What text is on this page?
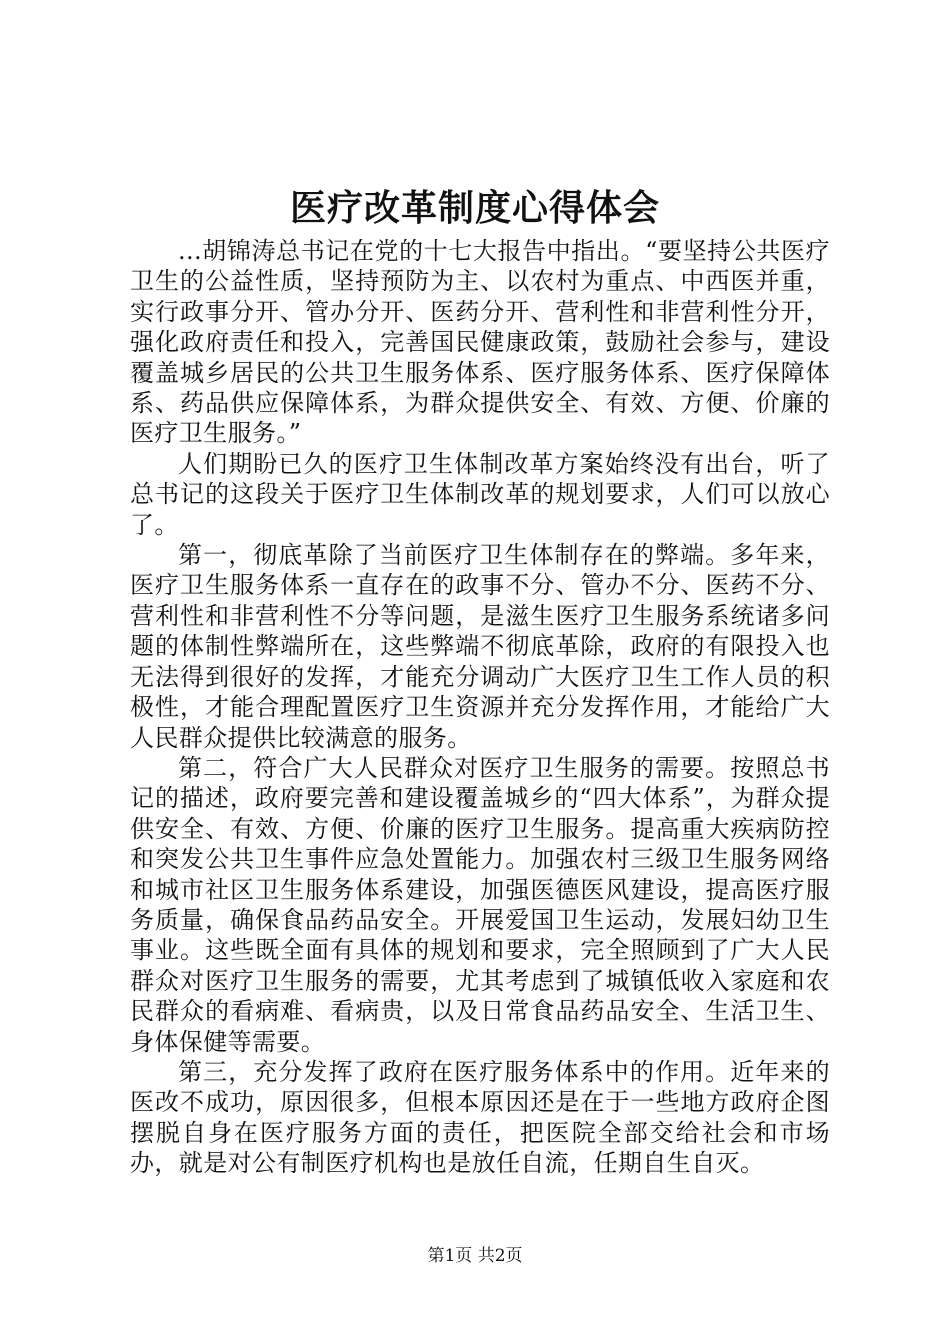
医疗改革制度心得体会

...胡锦涛总书记在党的十七大报告中指出。“要坚持公共医疗卫生的公益性质，坚持预防为主、以农村为重点、中西医并重，实行政事分开、管办分开、医药分开、营利性和非营利性分开，强化政府责任和投入，完善国民健康政策，鼓励社会参与，建设覆盖城乡居民的公共卫生服务体系、医疗服务体系、医疗保障体系、药品供应保障体系，为群众提供安全、有效、方便、价廉的医疗卫生服务。”

人们期盼已久的医疗卫生体制改革方案始终没有出台，听了总书记的这段关于医疗卫生体制改革的规划要求，人们可以放心了。

第一，彻底革除了当前医疗卫生体制存在的弊端。多年来，医疗卫生服务体系一直存在的政事不分、管办不分、医药不分、营利性和非营利性不分等问题，是滋生医疗卫生服务系统诸多问题的体制性弊端所在，这些弊端不彻底革除，政府的有限投入也无法得到很好的发挥，才能充分调动广大医疗卫生工作人员的积极性，才能合理配置医疗卫生资源并充分发挥作用，才能给广大人民群众提供比较满意的服务。

第二，符合广大人民群众对医疗卫生服务的需要。按照总书记的描述，政府要完善和建设覆盖城乡的“四大体系”，为群众提供安全、有效、方便、价廉的医疗卫生服务。提高重大疾病防控和突发公共卫生事件应急处置能力。加强农村三级卫生服务网络和城市社区卫生服务体系建设，加强医德医风建设，提高医疗服务质量，确保食品药品安全。开展爱国卫生运动，发展妇幼卫生事业。这些既全面有具体的规划和要求，完全照顾到了广大人民群众对医疗卫生服务的需要，尤其考虑到了城镇低收入家庭和农民群众的看病难、看病贵，以及日常食品药品安全、生活卫生、身体保健等需要。

第三，充分发挥了政府在医疗服务体系中的作用。近年来的医改不成功，原因很多，但根本原因还是在于一些地方政府企图摆脱自身在医疗服务方面的责任，把医院全部交给社会和市场办，就是对公有制医疗机构也是放任自流，任期自生自灭。

第1页 共2页
